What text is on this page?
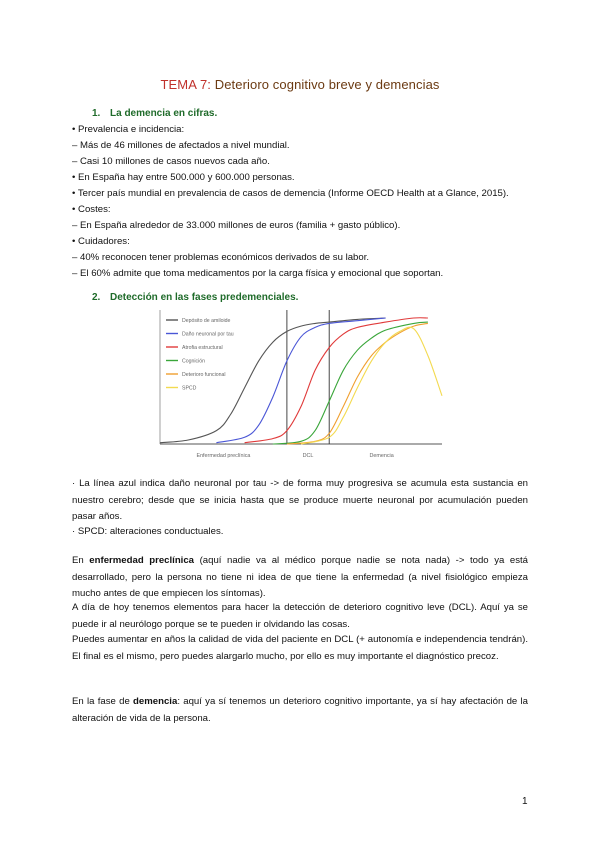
TEMA 7: Deterioro cognitivo breve y demencias
1. La demencia en cifras.
• Prevalencia e incidencia:
– Más de 46 millones de afectados a nivel mundial.
– Casi 10 millones de casos nuevos cada año.
• En España hay entre 500.000 y 600.000 personas.
• Tercer país mundial en prevalencia de casos de demencia (Informe OECD Health at a Glance, 2015).
• Costes:
– En España alrededor de 33.000 millones de euros (familia + gasto público).
• Cuidadores:
– 40% reconocen tener problemas económicos derivados de su labor.
– El 60% admite que toma medicamentos por la carga física y emocional que soportan.
2. Detección en las fases predemenciales.
Depósito de amiloide
Daño neuronal por tau
Atrofia estructural
Cognición
Deterioro funcional
SPCD
Enfermedad preclínica	DCL	Demencia
· La línea azul indica daño neuronal por tau -> de forma muy progresiva se acumula esta sustancia en nuestro cerebro; desde que se inicia hasta que se produce muerte neuronal por acumulación pueden pasar años.
· SPCD: alteraciones conductuales.
En enfermedad preclínica (aquí nadie va al médico porque nadie se nota nada) -> todo ya está desarrollado, pero la persona no tiene ni idea de que tiene la enfermedad (a nivel fisiológico empieza mucho antes de que empiecen los síntomas).
A día de hoy tenemos elementos para hacer la detección de deterioro cognitivo leve (DCL). Aquí ya se puede ir al neurólogo porque se te pueden ir olvidando las cosas.
Puedes aumentar en años la calidad de vida del paciente en DCL (+ autonomía e independencia tendrán). El final es el mismo, pero puedes alargarlo mucho, por ello es muy importante el diagnóstico precoz.
En la fase de demencia: aquí ya sí tenemos un deterioro cognitivo importante, ya sí hay afectación de la alteración de vida de la persona.
1
